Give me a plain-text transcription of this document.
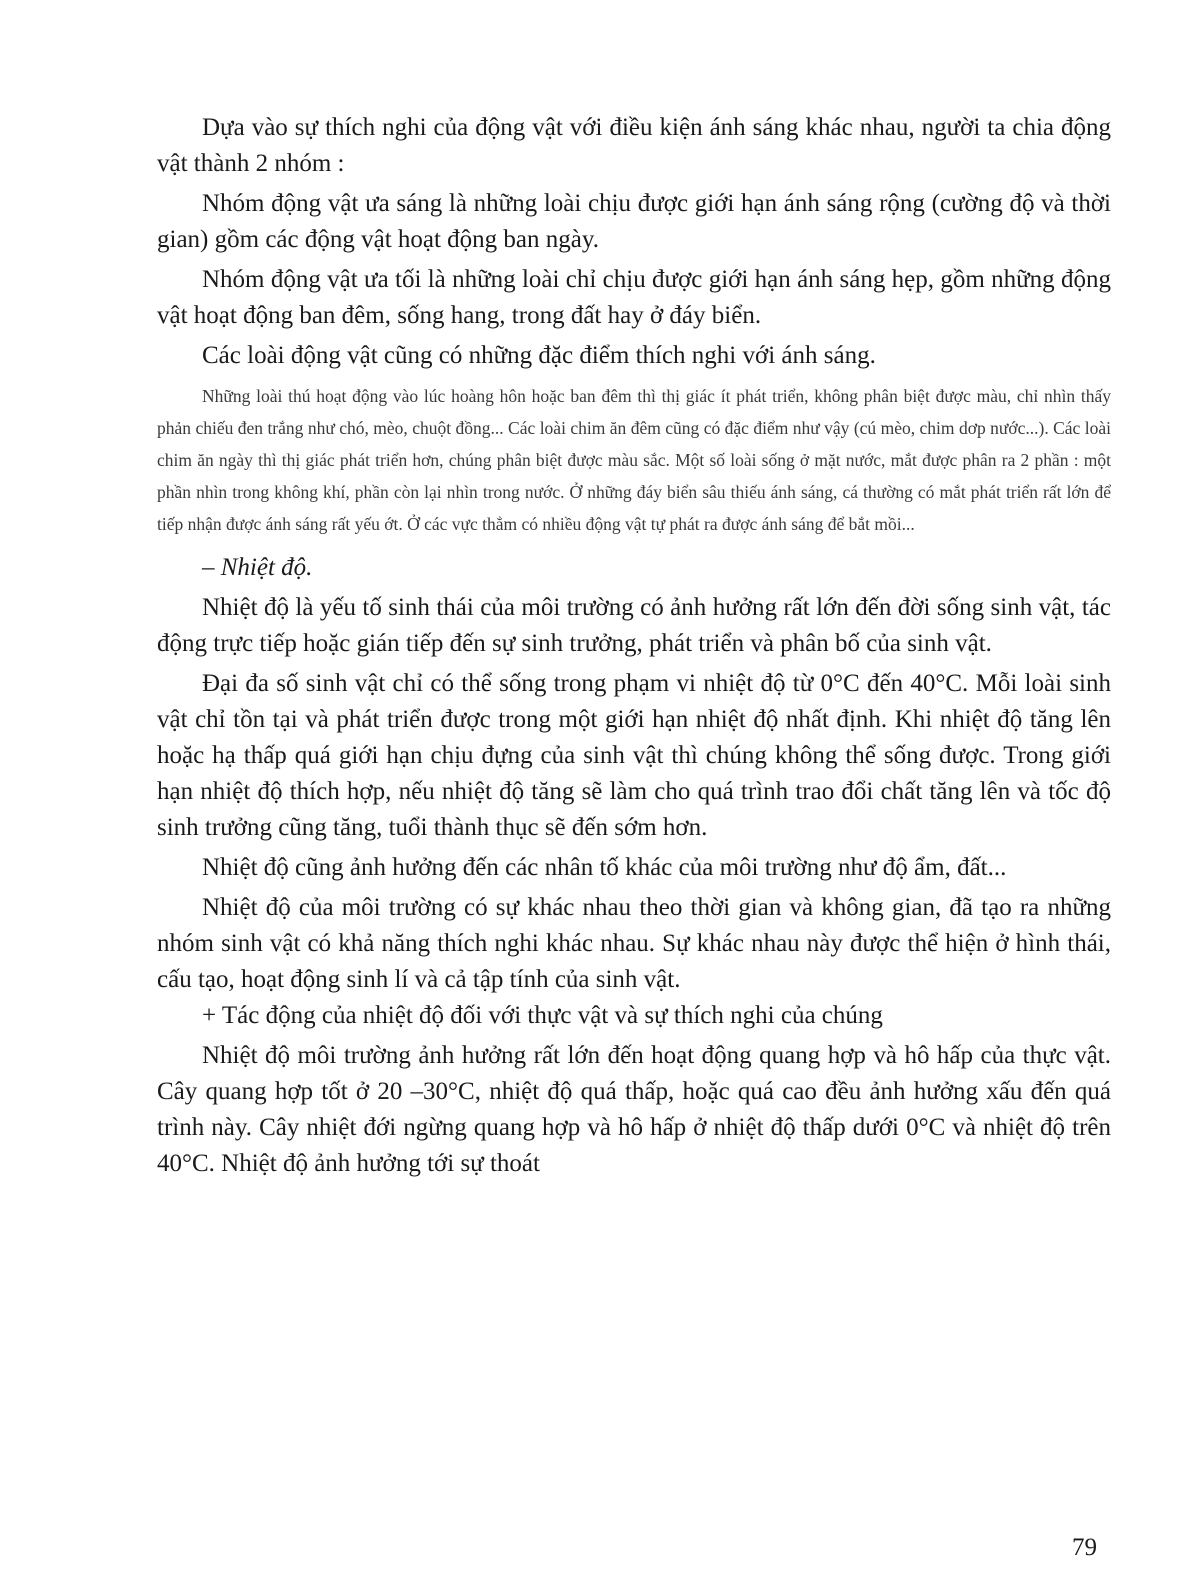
Dựa vào sự thích nghi của động vật với điều kiện ánh sáng khác nhau, người ta chia động vật thành 2 nhóm :

Nhóm động vật ưa sáng là những loài chịu được giới hạn ánh sáng rộng (cường độ và thời gian) gồm các động vật hoạt động ban ngày.

Nhóm động vật ưa tối là những loài chỉ chịu được giới hạn ánh sáng hẹp, gồm những động vật hoạt động ban đêm, sống hang, trong đất hay ở đáy biển.

Các loài động vật cũng có những đặc điểm thích nghi với ánh sáng.

Những loài thú hoạt động vào lúc hoàng hôn hoặc ban đêm thì thị giác ít phát triển, không phân biệt được màu, chỉ nhìn thấy phản chiếu đen trắng như chó, mèo, chuột đồng... Các loài chim ăn đêm cũng có đặc điểm như vậy (cú mèo, chim dơp nước...). Các loài chim ăn ngày thì thị giác phát triển hơn, chúng phân biệt được màu sắc. Một số loài sống ở mặt nước, mắt được phân ra 2 phần : một phần nhìn trong không khí, phần còn lại nhìn trong nước. Ở những đáy biển sâu thiếu ánh sáng, cá thường có mắt phát triển rất lớn để tiếp nhận được ánh sáng rất yếu ớt. Ở các vực thẳm có nhiều động vật tự phát ra được ánh sáng để bắt mồi...

– Nhiệt độ.

Nhiệt độ là yếu tố sinh thái của môi trường có ảnh hưởng rất lớn đến đời sống sinh vật, tác động trực tiếp hoặc gián tiếp đến sự sinh trưởng, phát triển và phân bố của sinh vật.

Đại đa số sinh vật chỉ có thể sống trong phạm vi nhiệt độ từ 0°C đến 40°C. Mỗi loài sinh vật chỉ tồn tại và phát triển được trong một giới hạn nhiệt độ nhất định. Khi nhiệt độ tăng lên hoặc hạ thấp quá giới hạn chịu đựng của sinh vật thì chúng không thể sống được. Trong giới hạn nhiệt độ thích hợp, nếu nhiệt độ tăng sẽ làm cho quá trình trao đổi chất tăng lên và tốc độ sinh trưởng cũng tăng, tuổi thành thục sẽ đến sớm hơn.

Nhiệt độ cũng ảnh hưởng đến các nhân tố khác của môi trường như độ ẩm, đất...

Nhiệt độ của môi trường có sự khác nhau theo thời gian và không gian, đã tạo ra những nhóm sinh vật có khả năng thích nghi khác nhau. Sự khác nhau này được thể hiện ở hình thái, cấu tạo, hoạt động sinh lí và cả tập tính của sinh vật.

+ Tác động của nhiệt độ đối với thực vật và sự thích nghi của chúng

Nhiệt độ môi trường ảnh hưởng rất lớn đến hoạt động quang hợp và hô hấp của thực vật. Cây quang hợp tốt ở 20 –30°C, nhiệt độ quá thấp, hoặc quá cao đều ảnh hưởng xấu đến quá trình này. Cây nhiệt đới ngừng quang hợp và hô hấp ở nhiệt độ thấp dưới 0°C và nhiệt độ trên 40°C. Nhiệt độ ảnh hưởng tới sự thoát

79
